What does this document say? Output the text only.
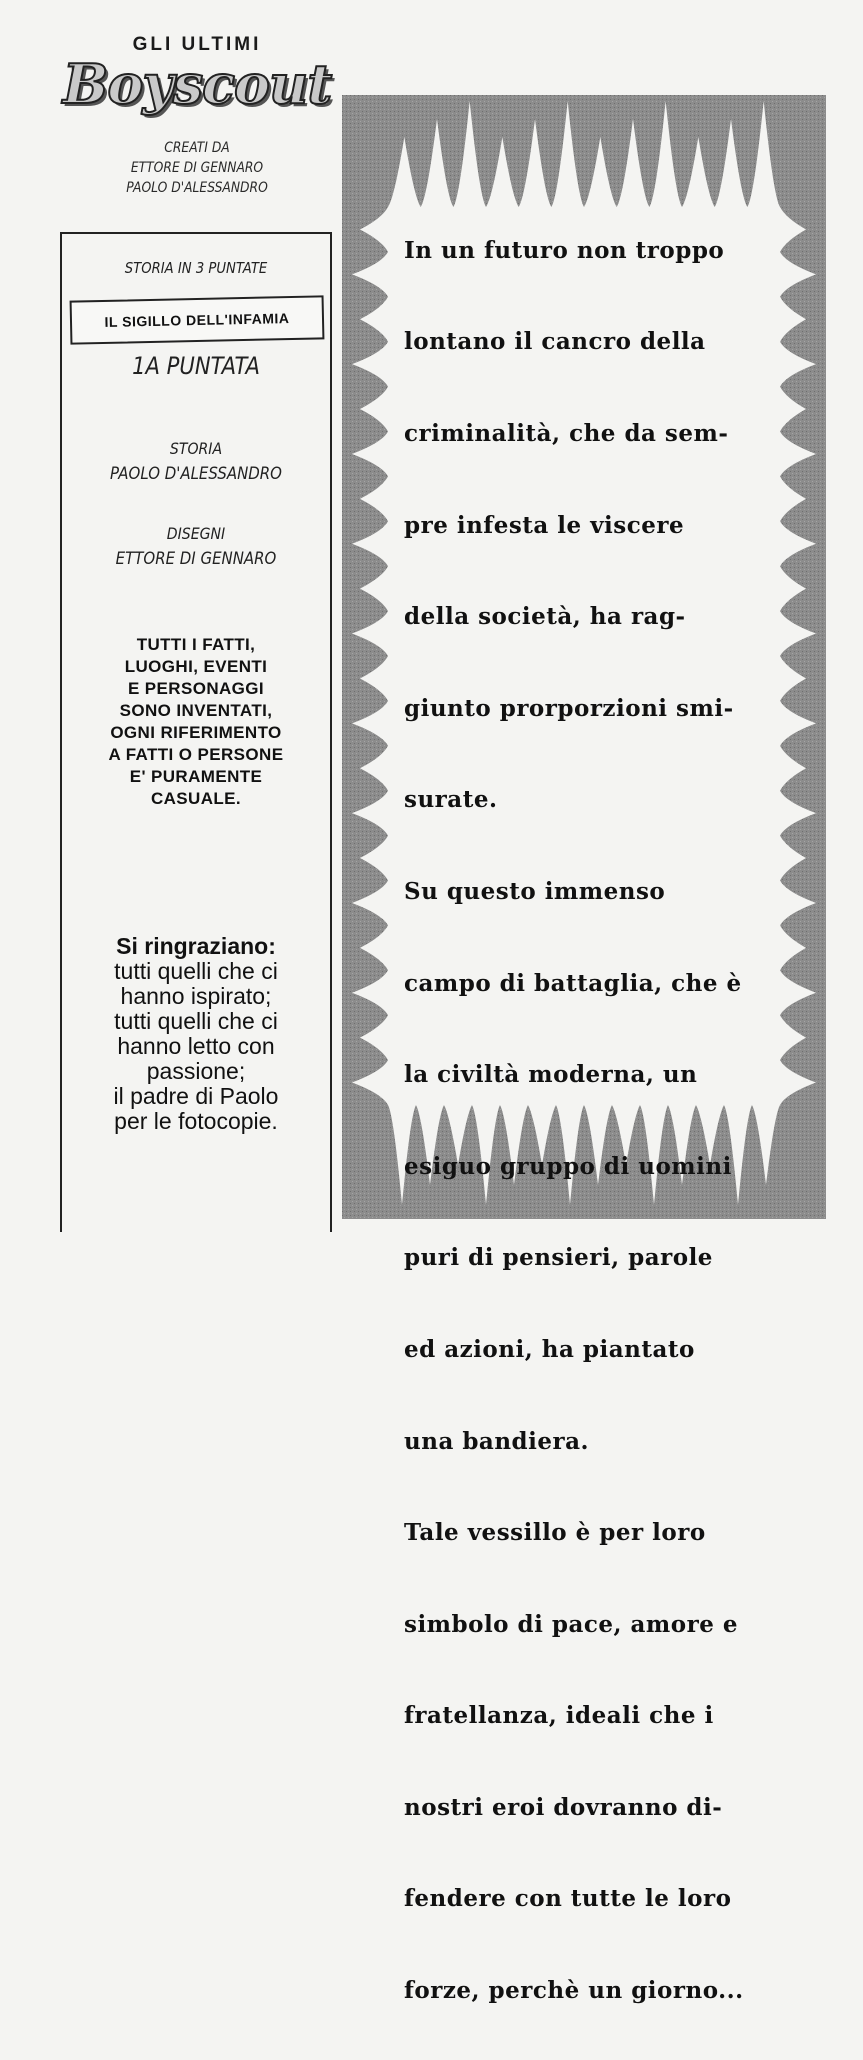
GLI ULTIMI
Boyscout
CREATI DA
ETTORE DI GENNARO
PAOLO D'ALESSANDRO
STORIA IN 3 PUNTATE
IL SIGILLO DELL'INFAMIA
1A PUNTATA
STORIA
PAOLO D'ALESSANDRO
DISEGNI
ETTORE DI GENNARO
TUTTI I FATTI,
LUOGHI, EVENTI
E PERSONAGGI
SONO INVENTATI,
OGNI RIFERIMENTO
A FATTI O PERSONE
E' PURAMENTE
CASUALE.
Si ringraziano:
tutti quelli che ci
hanno ispirato;
tutti quelli che ci
hanno letto con
passione;
il padre di Paolo
per le fotocopie.

In un futuro non troppo

lontano il cancro della

criminalità, che da sem-

pre infesta le viscere

della società, ha rag-

giunto prorporzioni smi-

surate.

Su questo immenso

campo di battaglia, che è

la civiltà moderna, un

esiguo gruppo di uomini

puri di pensieri, parole

ed azioni, ha piantato

una bandiera.

Tale vessillo è per loro

simbolo di pace, amore e

fratellanza, ideali che i

nostri eroi dovranno di-

fendere con tutte le loro

forze, perchè un giorno...
